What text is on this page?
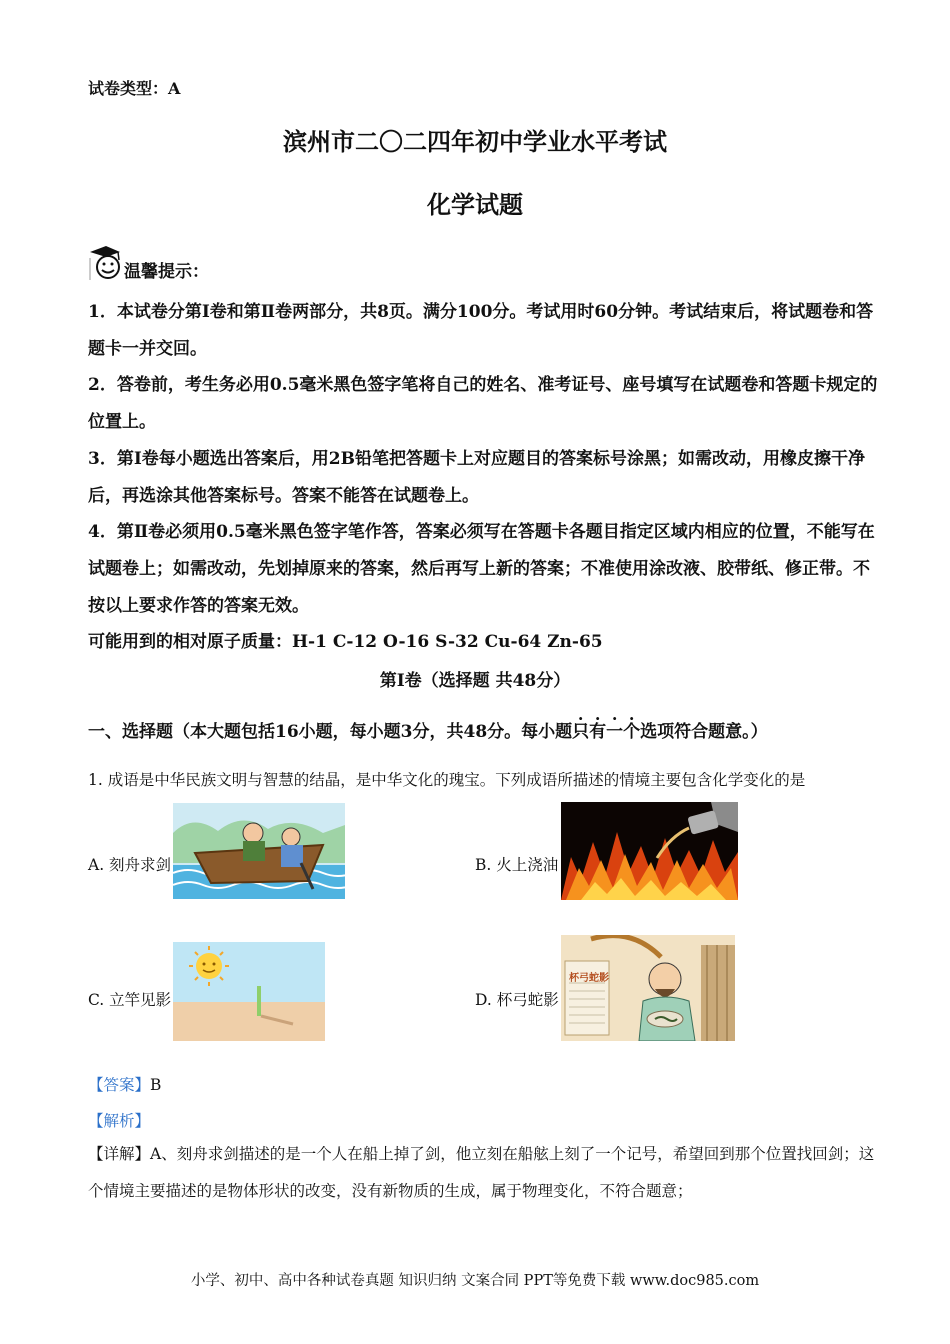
试卷类型：A
滨州市二〇二四年初中学业水平考试
化学试题
温馨提示：
1．本试卷分第Ⅰ卷和第Ⅱ卷两部分，共8页。满分100分。考试用时60分钟。考试结束后，将试题卷和答题卡一并交回。
2．答卷前，考生务必用0.5毫米黑色签字笔将自己的姓名、准考证号、座号填写在试题卷和答题卡规定的位置上。
3．第Ⅰ卷每小题选出答案后，用2B铅笔把答题卡上对应题目的答案标号涂黑；如需改动，用橡皮擦干净后，再选涂其他答案标号。答案不能答在试题卷上。
4．第Ⅱ卷必须用0.5毫米黑色签字笔作答，答案必须写在答题卡各题目指定区域内相应的位置，不能写在试题卷上；如需改动，先划掉原来的答案，然后再写上新的答案；不准使用涂改液、胶带纸、修正带。不按以上要求作答的答案无效。
可能用到的相对原子质量：H-1 C-12 O-16 S-32 Cu-64 Zn-65
第Ⅰ卷（选择题 共48分）
一、选择题（本大题包括16小题，每小题3分，共48分。每小题只有一个选项符合题意。）
1. 成语是中华民族文明与智慧的结晶，是中华文化的瑰宝。下列成语所描述的情境主要包含化学变化的是
A. 刻舟求剑	B. 火上浇油
C. 立竿见影	D. 杯弓蛇影
杯弓蛇影
【答案】B
【解析】
【详解】A、刻舟求剑描述的是一个人在船上掉了剑，他立刻在船舷上刻了一个记号，希望回到那个位置找回剑；这个情境主要描述的是物体形状的改变，没有新物质的生成，属于物理变化，不符合题意；
小学、初中、高中各种试卷真题 知识归纳 文案合同 PPT等免费下载 www.doc985.com
